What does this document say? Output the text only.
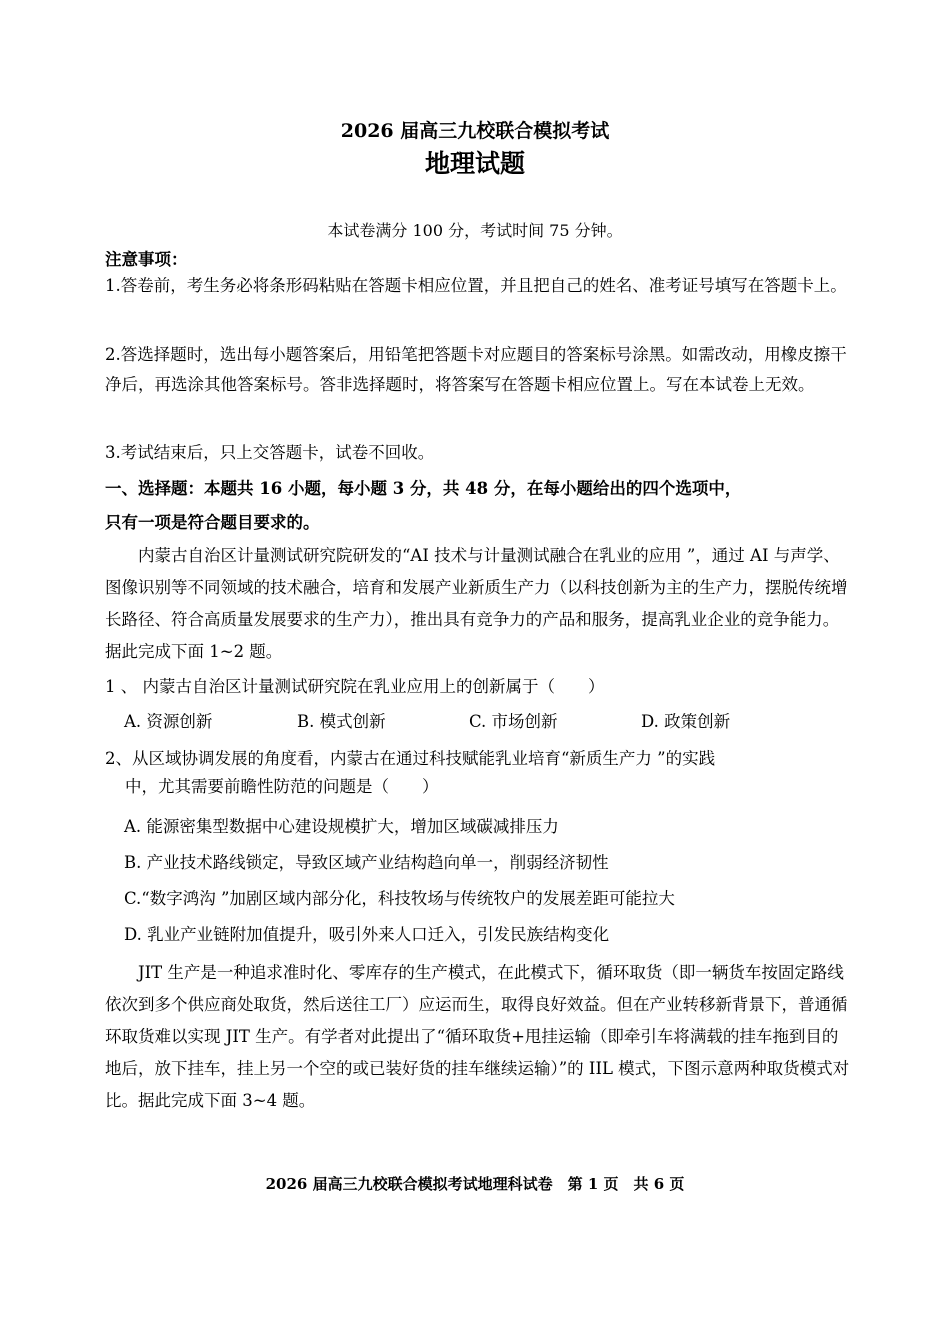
2026 届高三九校联合模拟考试
地理试题
本试卷满分 100 分，考试时间 75 分钟。
注意事项：
1.答卷前，考生务必将条形码粘贴在答题卡相应位置，并且把自己的姓名、准考证号填写在答题卡上。
2.答选择题时，选出每小题答案后，用铅笔把答题卡对应题目的答案标号涂黑。如需改动，用橡皮擦干净后，再选涂其他答案标号。答非选择题时，将答案写在答题卡相应位置上。写在本试卷上无效。
3.考试结束后，只上交答题卡，试卷不回收。
一、选择题：本题共 16 小题，每小题 3 分，共 48 分，在每小题给出的四个选项中，
只有一项是符合题目要求的。
内蒙古自治区计量测试研究院研发的“AI 技术与计量测试融合在乳业的应用 ”，通过 AI 与声学、图像识别等不同领域的技术融合，培育和发展产业新质生产力（以科技创新为主的生产力，摆脱传统增长路径、符合高质量发展要求的生产力），推出具有竞争力的产品和服务，提高乳业企业的竞争能力。据此完成下面 1~2 题。
1 、 内蒙古自治区计量测试研究院在乳业应用上的创新属于（　　）
A. 资源创新	B. 模式创新	C. 市场创新	D. 政策创新
2、从区域协调发展的角度看，内蒙古在通过科技赋能乳业培育“新质生产力 ”的实践
中，尤其需要前瞻性防范的问题是（　　）
A. 能源密集型数据中心建设规模扩大，增加区域碳减排压力
B. 产业技术路线锁定，导致区域产业结构趋向单一，削弱经济韧性
C.“数字鸿沟 ”加剧区域内部分化，科技牧场与传统牧户的发展差距可能拉大
D. 乳业产业链附加值提升，吸引外来人口迁入，引发民族结构变化
JIT 生产是一种追求准时化、零库存的生产模式，在此模式下，循环取货（即一辆货车按固定路线依次到多个供应商处取货，然后送往工厂）应运而生，取得良好效益。但在产业转移新背景下，普通循环取货难以实现 JIT 生产。有学者对此提出了“循环取货+甩挂运输（即牵引车将满载的挂车拖到目的地后，放下挂车，挂上另一个空的或已装好货的挂车继续运输）”的 IIL 模式，下图示意两种取货模式对比。据此完成下面 3~4 题。
2026 届高三九校联合模拟考试地理科试卷　第 1 页　共 6 页
